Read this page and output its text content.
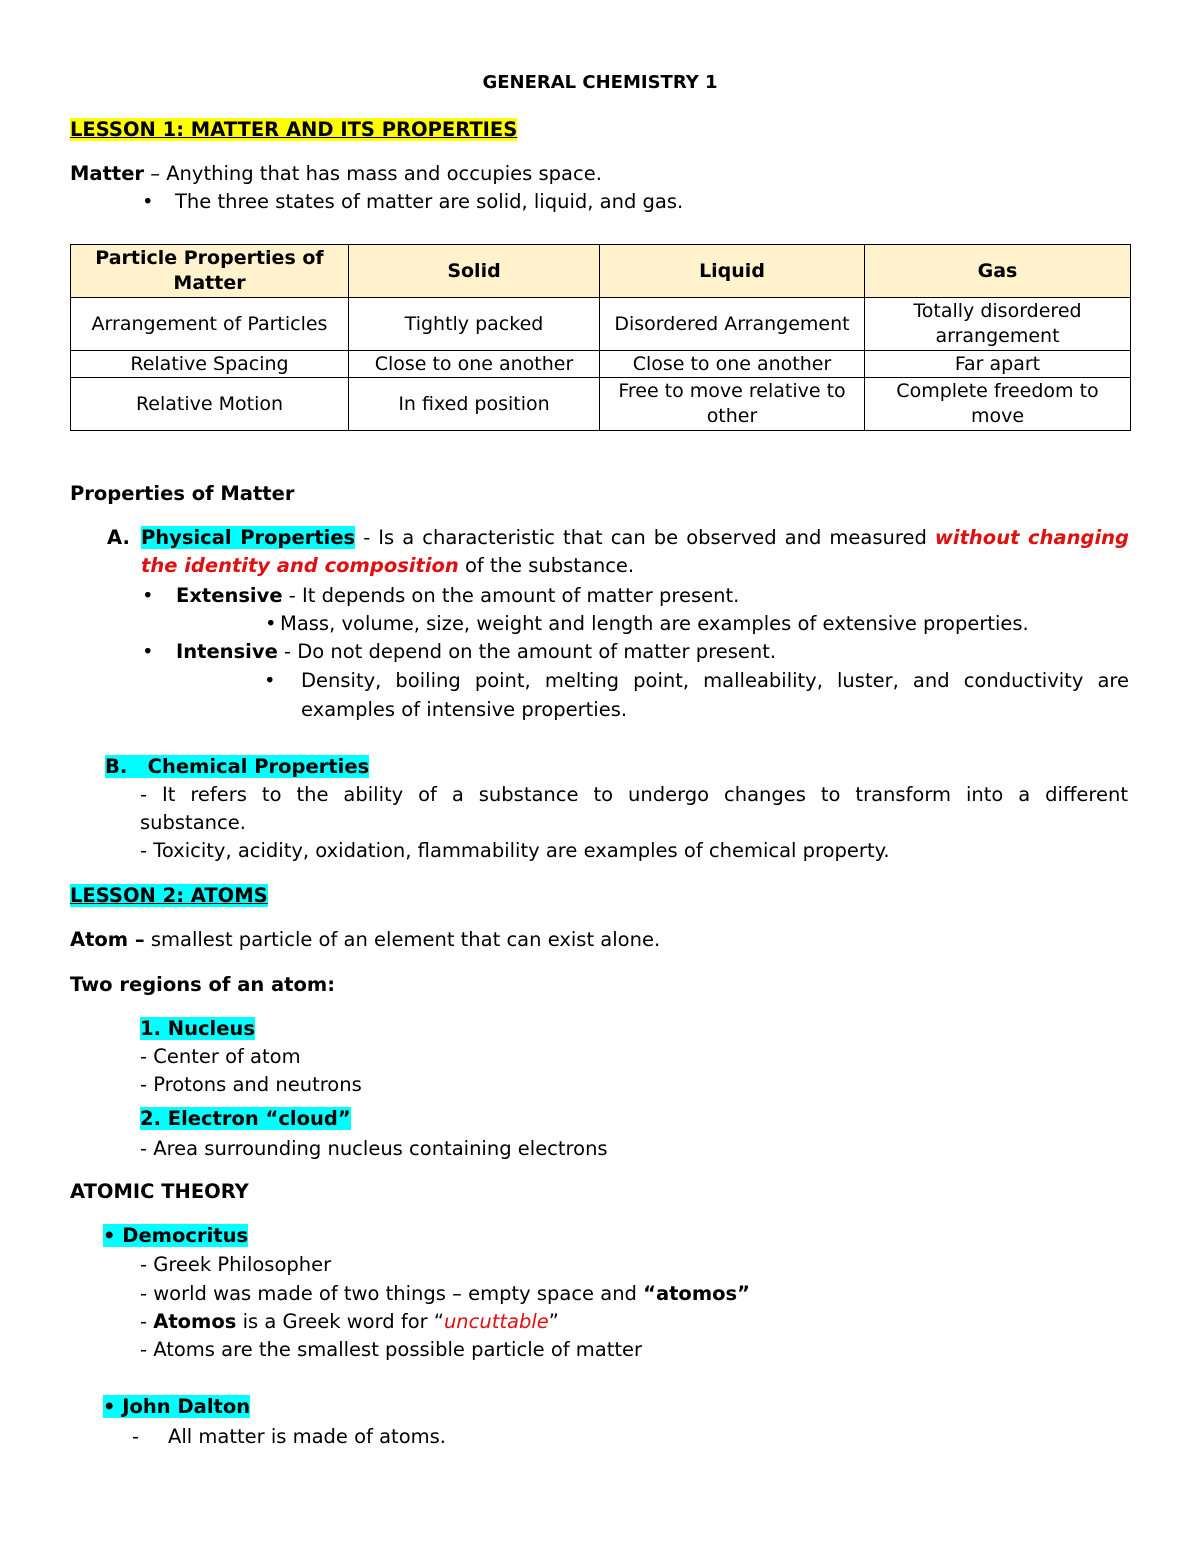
GENERAL CHEMISTRY 1
LESSON 1: MATTER AND ITS PROPERTIES
Matter – Anything that has mass and occupies space.
• The three states of matter are solid, liquid, and gas.
Particle Properties of Matter	Solid	Liquid	Gas
Arrangement of Particles	Tightly packed	Disordered Arrangement	Totally disordered arrangement
Relative Spacing	Close to one another	Close to one another	Far apart
Relative Motion	In fixed position	Free to move relative to other	Complete freedom to move
Properties of Matter
A. Physical Properties - Is a characteristic that can be observed and measured without changing
the identity and composition of the substance.
• Extensive - It depends on the amount of matter present.
• Mass, volume, size, weight and length are examples of extensive properties.
• Intensive - Do not depend on the amount of matter present.
• Density, boiling point, melting point, malleability, luster, and conductivity are
examples of intensive properties.
B.   Chemical Properties
- It refers to the ability of a substance to undergo changes to transform into a different
substance.
- Toxicity, acidity, oxidation, flammability are examples of chemical property.
LESSON 2: ATOMS
Atom – smallest particle of an element that can exist alone.
Two regions of an atom:
1. Nucleus
- Center of atom
- Protons and neutrons
2. Electron “cloud”
- Area surrounding nucleus containing electrons
ATOMIC THEORY
• Democritus
- Greek Philosopher
- world was made of two things – empty space and “atomos”
- Atomos is a Greek word for “uncuttable”
- Atoms are the smallest possible particle of matter
• John Dalton
- All matter is made of atoms.
